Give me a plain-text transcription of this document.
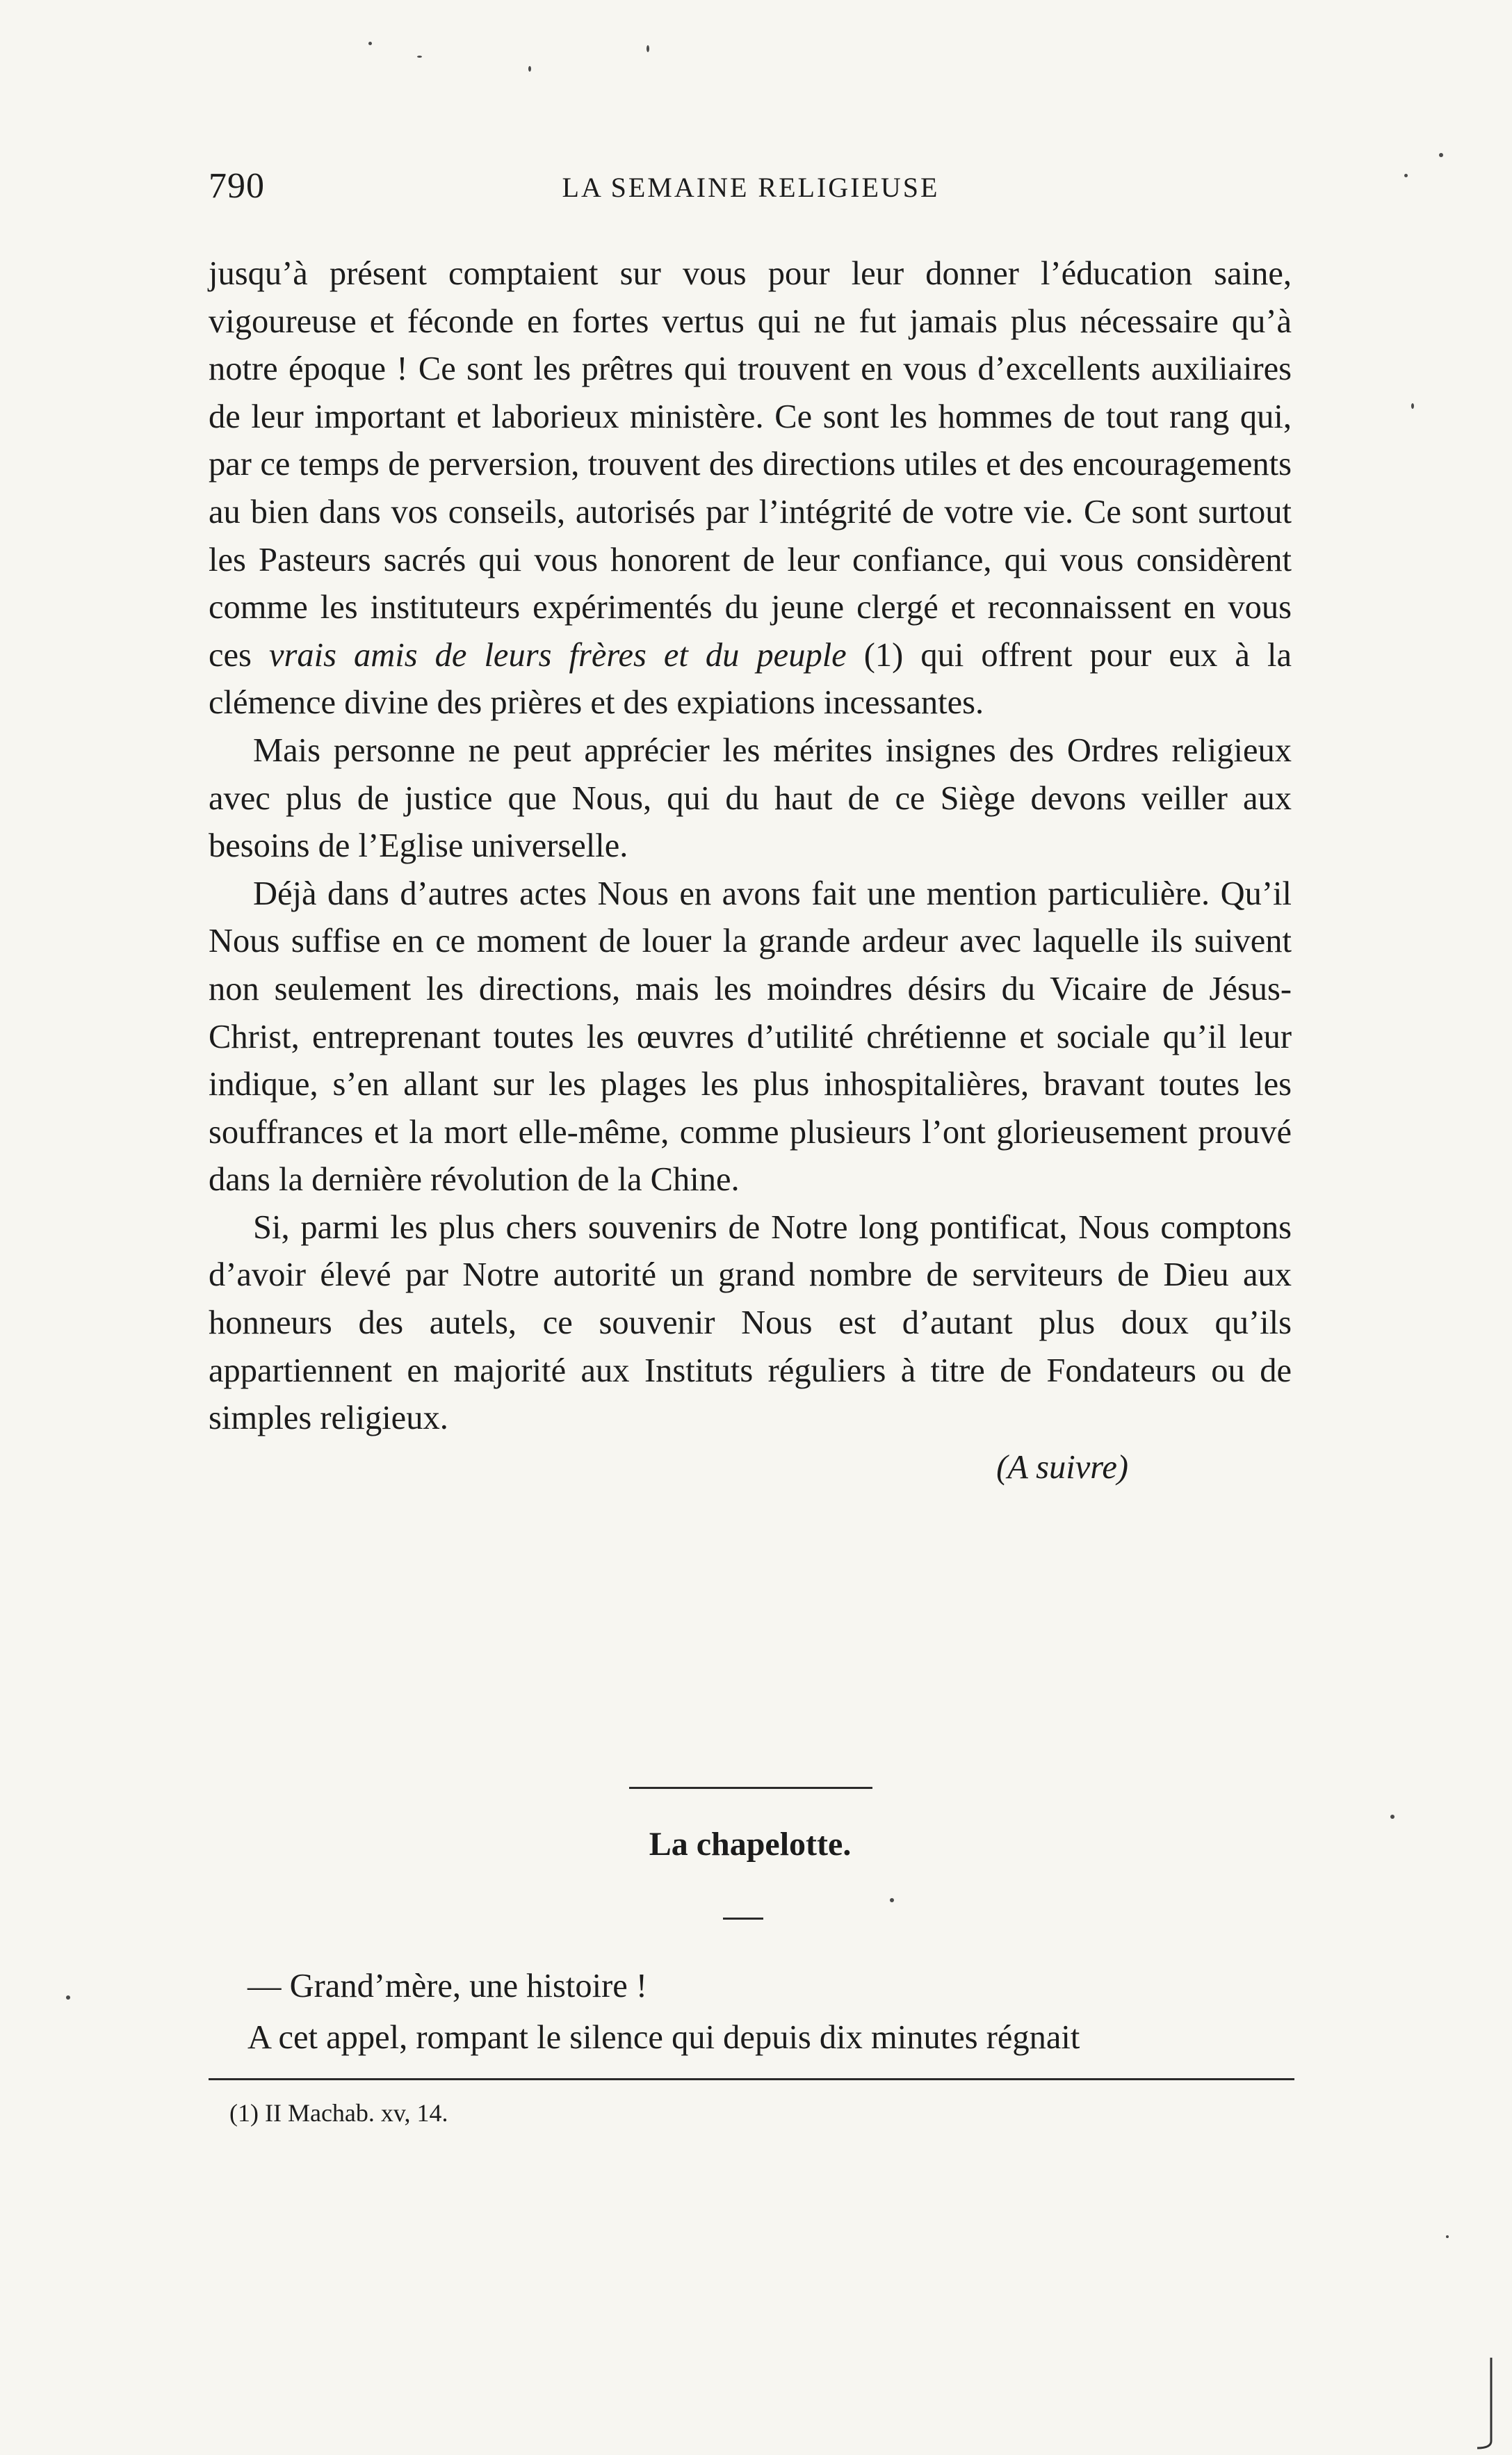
790	LA SEMAINE RELIGIEUSE

jusqu’à présent comptaient sur vous pour leur donner l’éducation saine, vigoureuse et féconde en fortes vertus qui ne fut jamais plus nécessaire qu’à notre époque ! Ce sont les prêtres qui trouvent en vous d’excellents auxiliaires de leur important et laborieux ministère. Ce sont les hommes de tout rang qui, par ce temps de perversion, trouvent des directions utiles et des encouragements au bien dans vos conseils, autorisés par l’intégrité de votre vie. Ce sont surtout les Pasteurs sacrés qui vous honorent de leur confiance, qui vous considèrent comme les instituteurs expérimentés du jeune clergé et reconnaissent en vous ces vrais amis de leurs frères et du peuple (1) qui offrent pour eux à la clémence divine des prières et des expiations incessantes.

Mais personne ne peut apprécier les mérites insignes des Ordres religieux avec plus de justice que Nous, qui du haut de ce Siège devons veiller aux besoins de l’Eglise universelle.

Déjà dans d’autres actes Nous en avons fait une mention particulière. Qu’il Nous suffise en ce moment de louer la grande ardeur avec laquelle ils suivent non seulement les directions, mais les moindres désirs du Vicaire de Jésus-Christ, entreprenant toutes les œuvres d’utilité chrétienne et sociale qu’il leur indique, s’en allant sur les plages les plus inhospitalières, bravant toutes les souffrances et la mort elle-même, comme plusieurs l’ont glorieusement prouvé dans la dernière révolution de la Chine.

Si, parmi les plus chers souvenirs de Notre long pontificat, Nous comptons d’avoir élevé par Notre autorité un grand nombre de serviteurs de Dieu aux honneurs des autels, ce souvenir Nous est d’autant plus doux qu’ils appartiennent en majorité aux Instituts réguliers à titre de Fondateurs ou de simples religieux.

(A suivre)
La chapelotte.

— Grand’mère, une histoire !

A cet appel, rompant le silence qui depuis dix minutes régnait

(1) II Machab. xv, 14.
